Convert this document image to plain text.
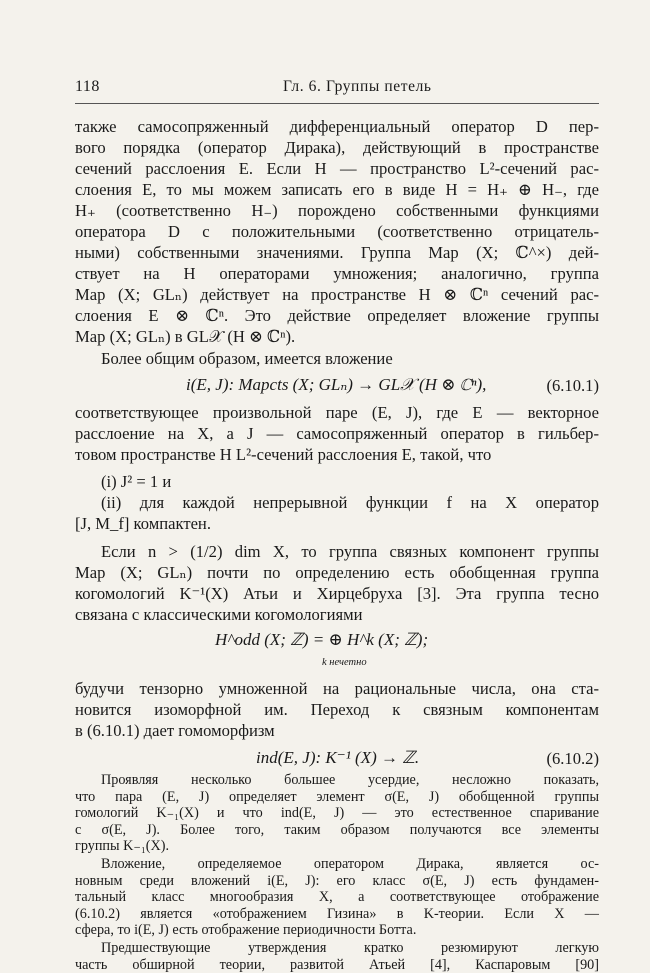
118	Гл. 6. Группы петель
также самосопряженный дифференциальный оператор D пер-
вого порядка (оператор Дирака), действующий в пространстве
сечений расслоения E. Если H — пространство L²-сечений рас-
слоения E, то мы можем записать его в виде H = H₊ ⊕ H₋, где
H₊ (соответственно H₋) порождено собственными функциями
оператора D с положительными (соответственно отрицатель-
ными) собственными значениями. Группа Map (X; ℂ^×) дей-
ствует на H операторами умножения; аналогично, группа
Map (X; GLₙ) действует на пространстве H ⊗ ℂⁿ сечений рас-
слоения E ⊗ ℂⁿ. Это действие определяет вложение группы
Map (X; GLₙ) в GL𝒳 (H ⊗ ℂⁿ).
Более общим образом, имеется вложение
i(E, J): Mapcts (X; GLₙ) → GL𝒳 (H ⊗ ℂⁿ),	(6.10.1)
соответствующее произвольной паре (E, J), где E — векторное
расслоение на X, а J — самосопряженный оператор в гильбер-
товом пространстве H L²-сечений расслоения E, такой, что
(i) J² = 1 и
(ii) для каждой непрерывной функции f на X оператор
[J, M_f] компактен.
Если n > (1/2) dim X, то группа связных компонент группы
Map (X; GLₙ) почти по определению есть обобщенная группа
когомологий K⁻¹(X) Атьи и Хирцебруха [3]. Эта группа тесно
связана с классическими когомологиями
H^odd (X; ℤ) = ⊕ H^k (X; ℤ);
k нечетно
будучи тензорно умноженной на рациональные числа, она ста-
новится изоморфной им. Переход к связным компонентам
в (6.10.1) дает гомоморфизм
ind(E, J): K⁻¹ (X) → ℤ.	(6.10.2)
Проявляя несколько большее усердие, несложно показать,
что пара (E, J) определяет элемент σ(E, J) обобщенной группы
гомологий K₋₁(X) и что ind(E, J) — это естественное спаривание
с σ(E, J). Более того, таким образом получаются все элементы
группы K₋₁(X).
Вложение, определяемое оператором Дирака, является ос-
новным среди вложений i(E, J): его класс σ(E, J) есть фундамен-
тальный класс многообразия X, а соответствующее отображение
(6.10.2) является «отображением Гизина» в K-теории. Если X —
сфера, то i(E, J) есть отображение периодичности Ботта.
Предшествующие утверждения кратко резюмируют легкую
часть обширной теории, развитой Атьей [4], Каспаровым [90]
